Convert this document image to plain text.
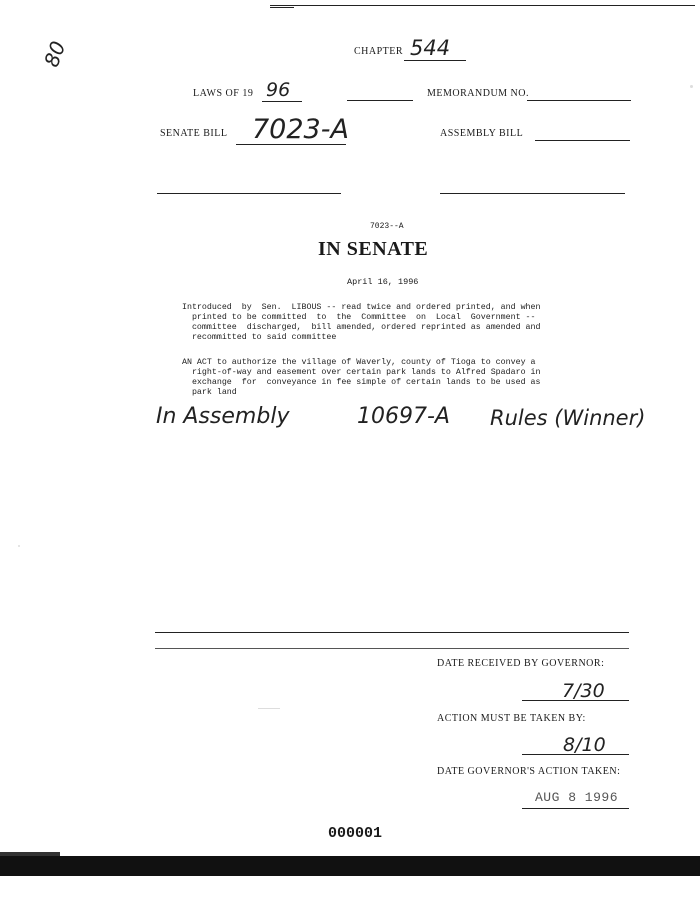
80	CHAPTER 544
LAWS OF 19 96	MEMORANDUM NO.
SENATE BILL 7023-A	ASSEMBLY BILL
7023--A
IN SENATE
April 16, 1996
Introduced  by  Sen.  LIBOUS -- read twice and ordered printed, and when
printed to be committed  to  the  Committee  on  Local  Government --
committee  discharged,  bill amended, ordered reprinted as amended and
recommitted to said committee
AN ACT to authorize the village of Waverly, county of Tioga to convey a
right-of-way and easement over certain park lands to Alfred Spadaro in
exchange  for  conveyance in fee simple of certain lands to be used as
park land
In Assembly	10697-A Rules (Winner)
DATE RECEIVED BY GOVERNOR:
7/30
ACTION MUST BE TAKEN BY:
8/10
DATE GOVERNOR'S ACTION TAKEN:
AUG 8 1996
000001
